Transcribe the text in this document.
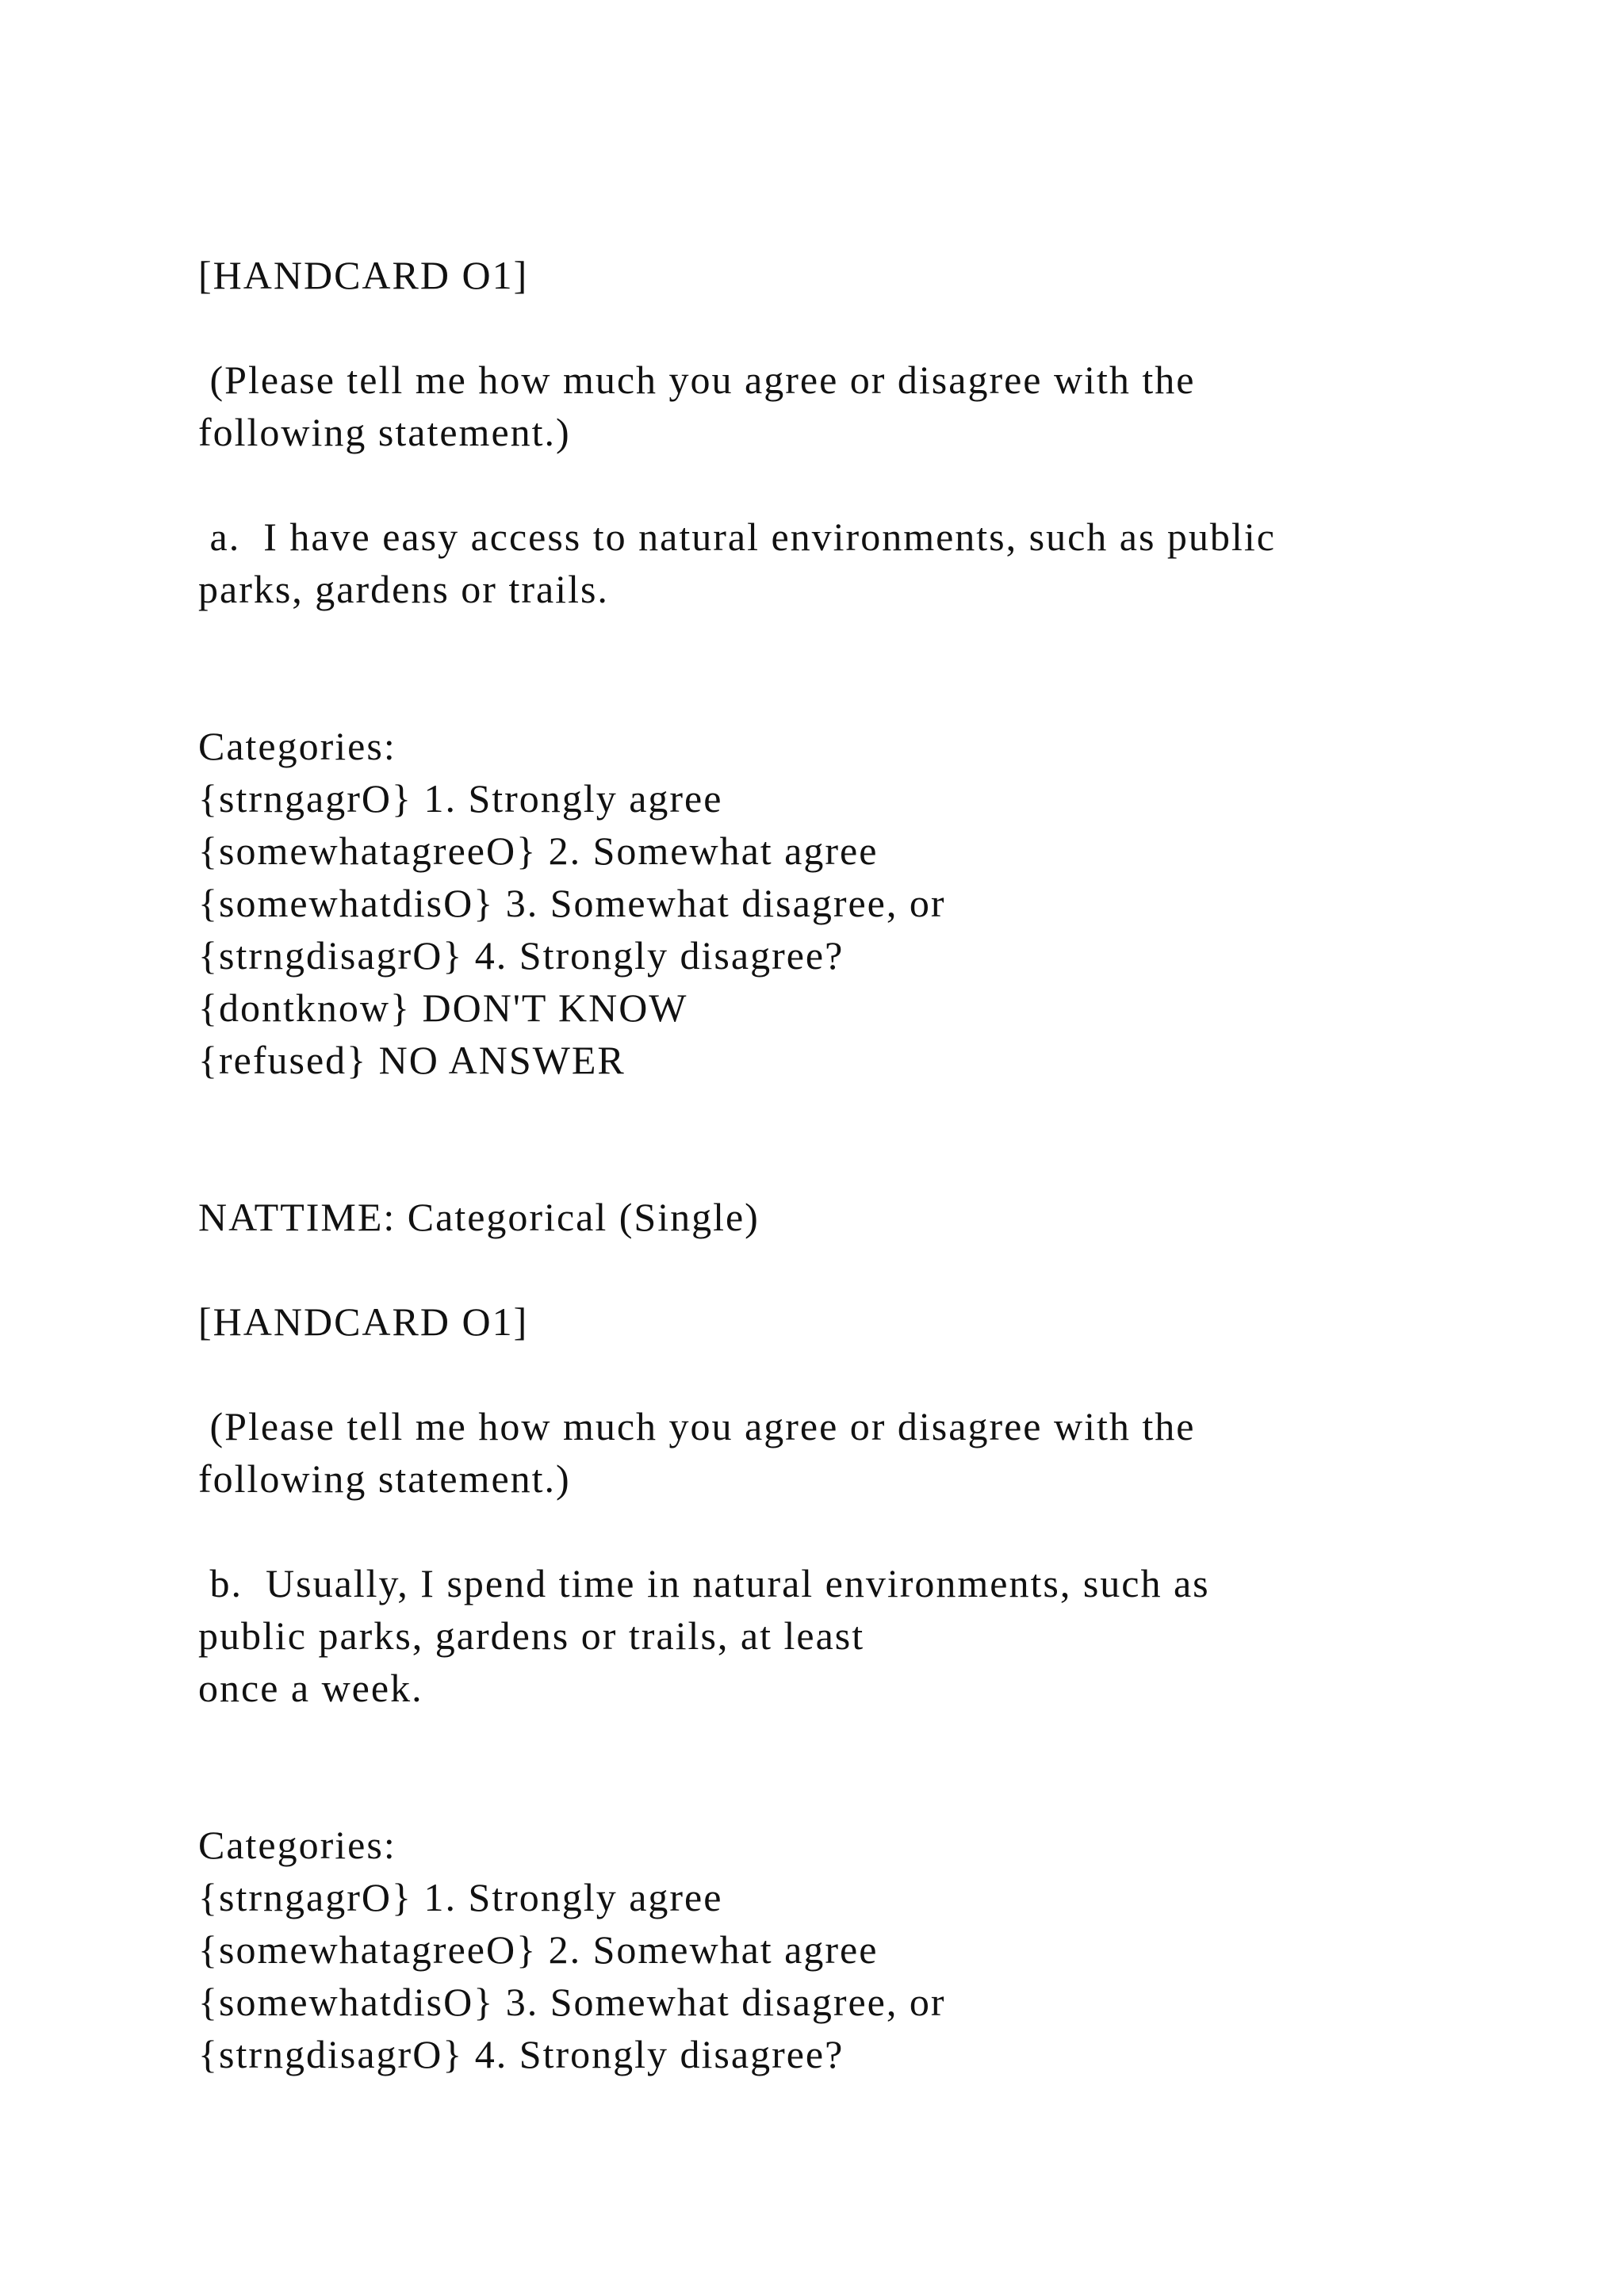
[HANDCARD O1]

(Please tell me how much you agree or disagree with the

following statement.)

a.  I have easy access to natural environments, such as public

parks, gardens or trails.

Categories:

{strngagrO} 1. Strongly agree

{somewhatagreeO} 2. Somewhat agree

{somewhatdisO} 3. Somewhat disagree, or

{strngdisagrO} 4. Strongly disagree?

{dontknow} DON'T KNOW

{refused} NO ANSWER

NATTIME: Categorical (Single)

[HANDCARD O1]

(Please tell me how much you agree or disagree with the

following statement.)

b.  Usually, I spend time in natural environments, such as

public parks, gardens or trails, at least

once a week.

Categories:

{strngagrO} 1. Strongly agree

{somewhatagreeO} 2. Somewhat agree

{somewhatdisO} 3. Somewhat disagree, or

{strngdisagrO} 4. Strongly disagree?
